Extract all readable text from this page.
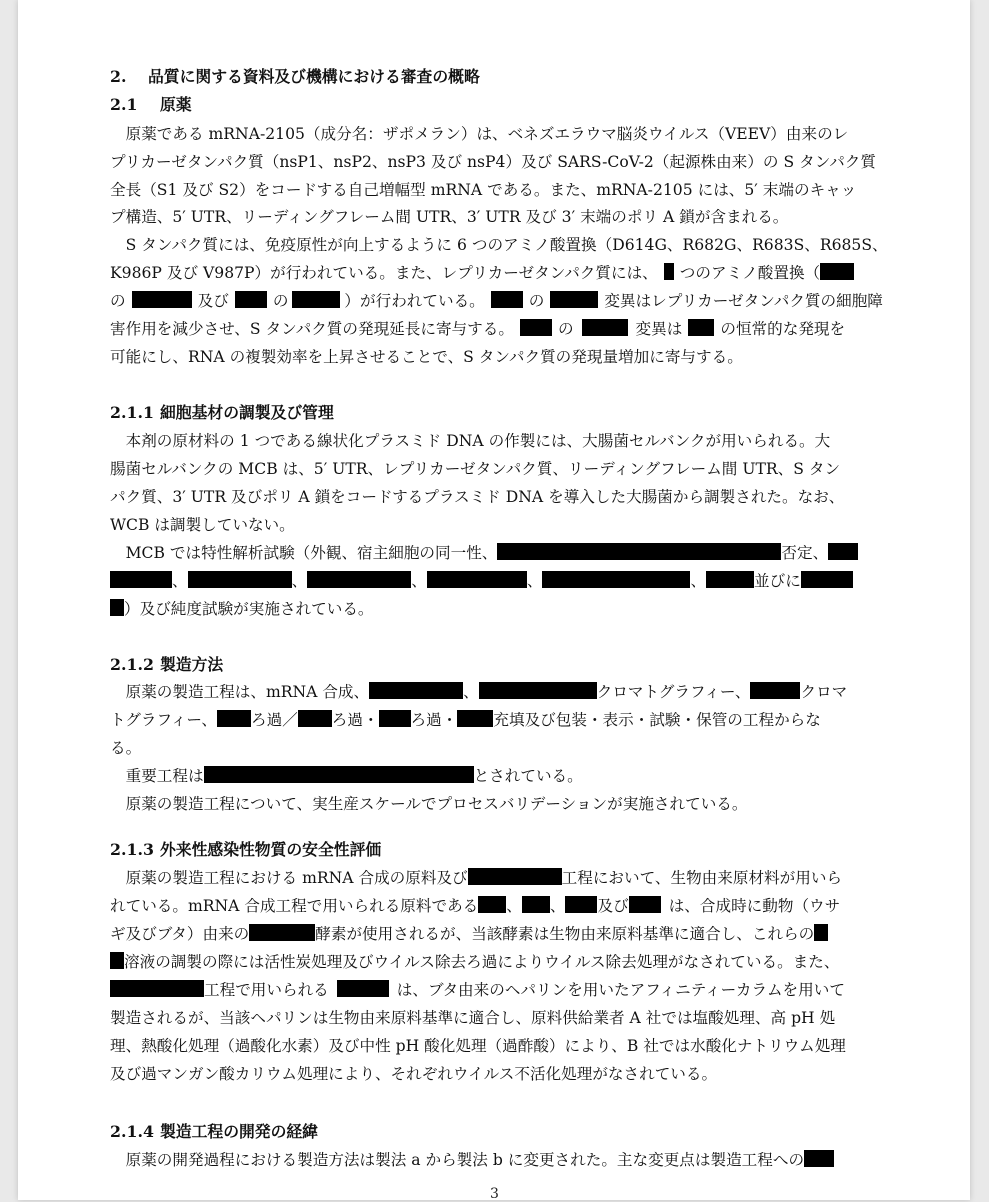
2. 品質に関する資料及び機構における審査の概略
2.1 原薬
　原薬である mRNA-2105（成分名：ザポメラン）は、ベネズエラウマ脳炎ウイルス（VEEV）由来のレ
プリカーゼタンパク質（nsP1、nsP2、nsP3 及び nsP4）及び SARS-CoV-2（起源株由来）の S タンパク質
全長（S1 及び S2）をコードする自己増幅型 mRNA である。また、mRNA-2105 には、5′ 末端のキャッ
プ構造、5′ UTR、リーディングフレーム間 UTR、3′ UTR 及び 3′ 末端のポリ A 鎖が含まれる。
　S タンパク質には、免疫原性が向上するように 6 つのアミノ酸置換（D614G、R682G、R683S、R685S、
K986P 及び V987P）が行われている。また、レプリカーゼタンパク質には、 つのアミノ酸置換（
の	及び	の	）が行われている。	の	変異はレプリカーゼタンパク質の細胞障
害作用を減少させ、S タンパク質の発現延長に寄与する。	の	変異は の恒常的な発現を
可能にし、RNA の複製効率を上昇させることで、S タンパク質の発現量増加に寄与する。
2.1.1 細胞基材の調製及び管理
　本剤の原材料の 1 つである線状化プラスミド DNA の作製には、大腸菌セルバンクが用いられる。大
腸菌セルバンクの MCB は、5′ UTR、レプリカーゼタンパク質、リーディングフレーム間 UTR、S タン
パク質、3′ UTR 及びポリ A 鎖をコードするプラスミド DNA を導入した大腸菌から調製された。なお、
WCB は調製していない。
　MCB では特性解析試験（外観、宿主細胞の同一性、	否定、
、	、	、	、	、	並びに
）及び純度試験が実施されている。
2.1.2 製造方法
　原薬の製造工程は、mRNA 合成、	、	クロマトグラフィー、	クロマ
トグラフィー、 ろ過／ ろ過・ ろ過・ 充填及び包装・表示・試験・保管の工程からな
る。
　重要工程は	とされている。
　原薬の製造工程について、実生産スケールでプロセスバリデーションが実施されている。
2.1.3 外来性感染性物質の安全性評価
　原薬の製造工程における mRNA 合成の原料及び	工程において、生物由来原材料が用いら
れている。mRNA 合成工程で用いられる原料である 、 、 及び	は、合成時に動物（ウサ
ギ及びブタ）由来の	酵素が使用されるが、当該酵素は生物由来原料基準に適合し、これらの
溶液の調製の際には活性炭処理及びウイルス除去ろ過によりウイルス除去処理がなされている。また、
工程で用いられる	は、ブタ由来のヘパリンを用いたアフィニティーカラムを用いて
製造されるが、当該ヘパリンは生物由来原料基準に適合し、原料供給業者 A 社では塩酸処理、高 pH 処
理、熱酸化処理（過酸化水素）及び中性 pH 酸化処理（過酢酸）により、B 社では水酸化ナトリウム処理
及び過マンガン酸カリウム処理により、それぞれウイルス不活化処理がなされている。
2.1.4 製造工程の開発の経緯
　原薬の開発過程における製造方法は製法 a から製法 b に変更された。主な変更点は製造工程への
3
